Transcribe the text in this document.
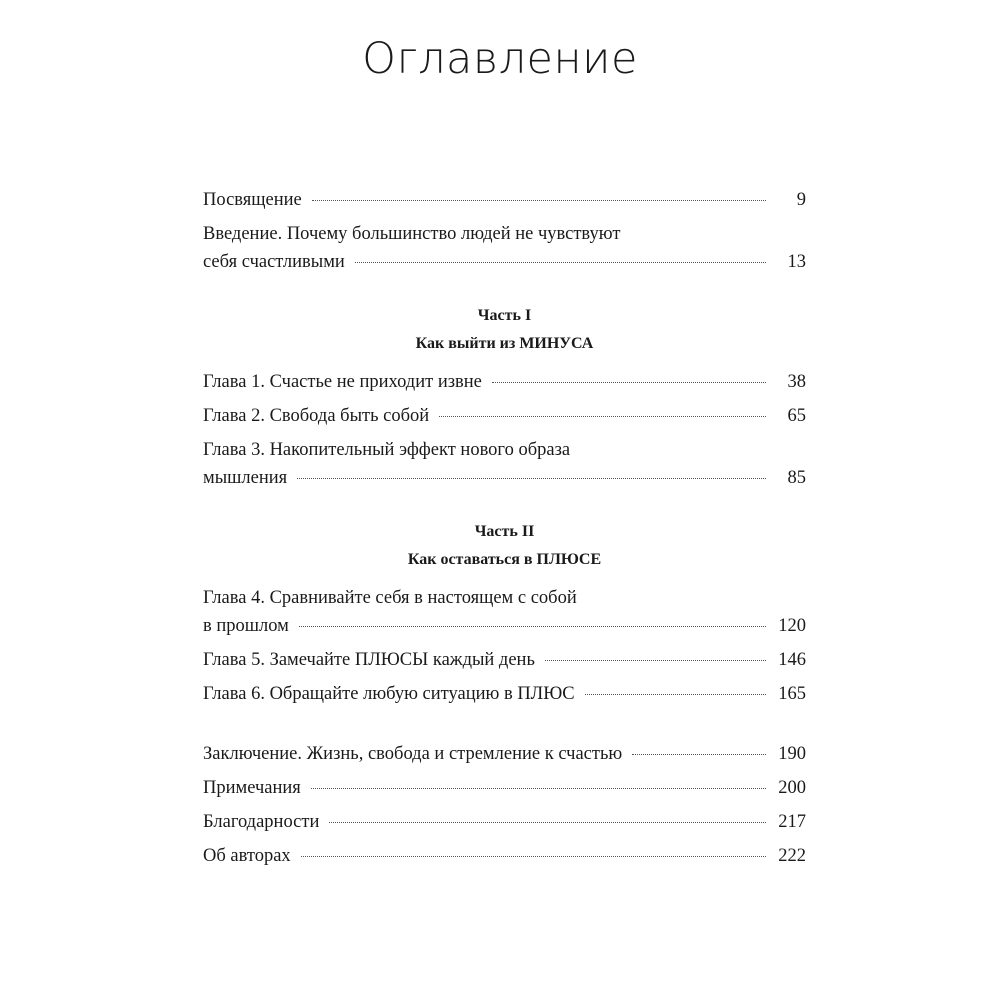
Оглавление
Посвящение	9
Введение. Почему большинство людей не чувствуют
себя счастливыми	13
Часть I
Как выйти из МИНУСА
Глава 1. Счастье не приходит извне	38
Глава 2. Свобода быть собой	65
Глава 3. Накопительный эффект нового образа
мышления	85
Часть II
Как оставаться в ПЛЮСЕ
Глава 4. Сравнивайте себя в настоящем с собой
в прошлом	120
Глава 5. Замечайте ПЛЮСЫ каждый день	146
Глава 6. Обращайте любую ситуацию в ПЛЮС	165
Заключение. Жизнь, свобода и стремление к счастью	190
Примечания	200
Благодарности	217
Об авторах	222
